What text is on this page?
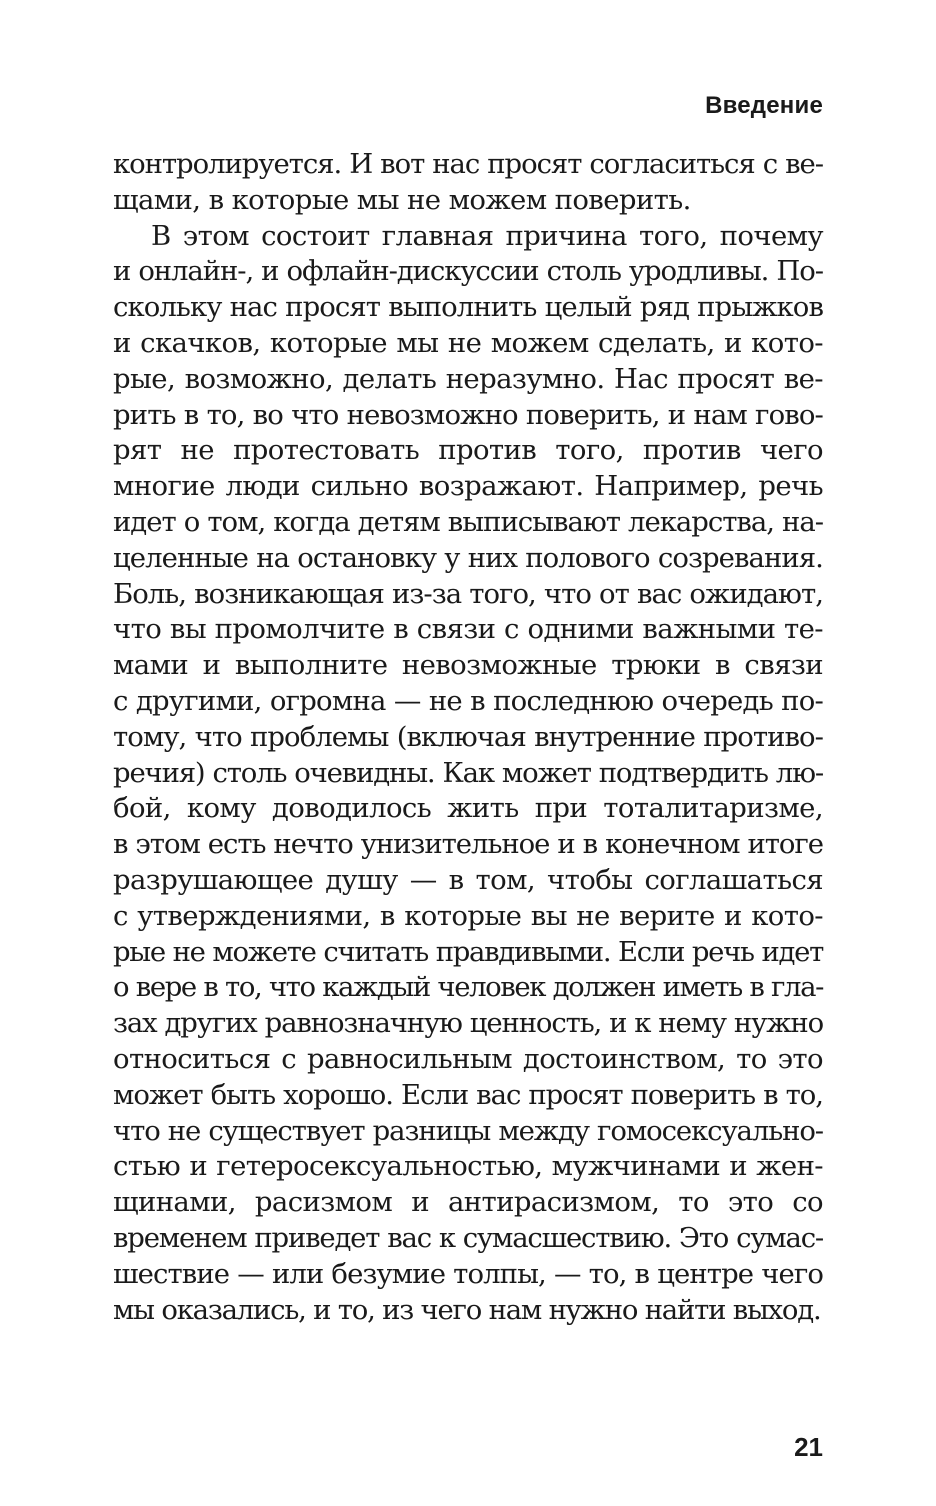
Введение
контролируется. И вот нас просят согласиться с ве-
щами, в которые мы не можем поверить.
В этом состоит главная причина того, почему
и онлайн-, и офлайн-дискуссии столь уродливы. По-
скольку нас просят выполнить целый ряд прыжков
и скачков, которые мы не можем сделать, и кото-
рые, возможно, делать неразумно. Нас просят ве-
рить в то, во что невозможно поверить, и нам гово-
рят не протестовать против того, против чего
многие люди сильно возражают. Например, речь
идет о том, когда детям выписывают лекарства, на-
целенные на остановку у них полового созревания.
Боль, возникающая из-за того, что от вас ожидают,
что вы промолчите в связи с одними важными те-
мами и выполните невозможные трюки в связи
с другими, огромна — не в последнюю очередь по-
тому, что проблемы (включая внутренние противо-
речия) столь очевидны. Как может подтвердить лю-
бой, кому доводилось жить при тоталитаризме,
в этом есть нечто унизительное и в конечном итоге
разрушающее душу — в том, чтобы соглашаться
с утверждениями, в которые вы не верите и кото-
рые не можете считать правдивыми. Если речь идет
о вере в то, что каждый человек должен иметь в гла-
зах других равнозначную ценность, и к нему нужно
относиться с равносильным достоинством, то это
может быть хорошо. Если вас просят поверить в то,
что не существует разницы между гомосексуально-
стью и гетеросексуальностью, мужчинами и жен-
щинами, расизмом и антирасизмом, то это со
временем приведет вас к сумасшествию. Это сумас-
шествие — или безумие толпы, — то, в центре чего
мы оказались, и то, из чего нам нужно найти выход.
21
